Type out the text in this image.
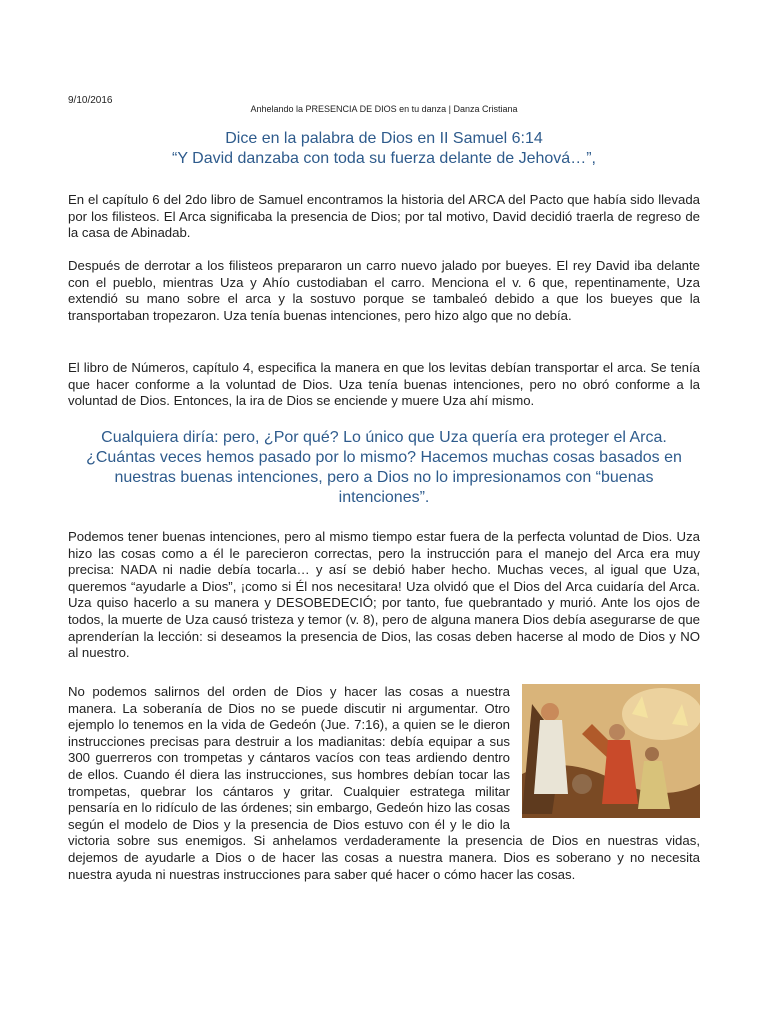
9/10/2016
Anhelando la PRESENCIA DE DIOS en tu danza | Danza Cristiana

Dice en la palabra de Dios en II Samuel 6:14

“Y David danzaba con toda su fuerza delante de Jehová…”,

En el capítulo 6 del 2do libro de Samuel encontramos la historia del ARCA del Pacto que había sido llevada por los filisteos. El Arca significaba la presencia de Dios; por tal motivo, David decidió traerla de regreso de la casa de Abinadab.

Después de derrotar a los filisteos prepararon un carro nuevo jalado por bueyes. El rey David iba delante con el pueblo, mientras Uza y Ahío custodiaban el carro. Menciona el v. 6 que, repentinamente, Uza extendió su mano sobre el arca y la sostuvo porque se tambaleó debido a que los bueyes que la transportaban tropezaron. Uza tenía buenas intenciones, pero hizo algo que no debía.

El libro de Números, capítulo 4, especifica la manera en que los levitas debían transportar el arca. Se tenía que hacer conforme a la voluntad de Dios. Uza tenía buenas intenciones, pero no obró conforme a la voluntad de Dios. Entonces, la ira de Dios se enciende y muere Uza ahí mismo.

Cualquiera diría: pero, ¿Por qué? Lo único que Uza quería era proteger el Arca. ¿Cuántas veces hemos pasado por lo mismo? Hacemos muchas cosas basados en nuestras buenas intenciones, pero a Dios no lo impresionamos con “buenas intenciones”.

Podemos tener buenas intenciones, pero al mismo tiempo estar fuera de la perfecta voluntad de Dios. Uza hizo las cosas como a él le parecieron correctas, pero la instrucción para el manejo del Arca era muy precisa: NADA ni nadie debía tocarla… y así se debió haber hecho. Muchas veces, al igual que Uza, queremos “ayudarle a Dios”, ¡como si Él nos necesitara! Uza olvidó que el Dios del Arca cuidaría del Arca. Uza quiso hacerlo a su manera y DESOBEDECIÓ; por tanto, fue quebrantado y murió. Ante los ojos de todos, la muerte de Uza causó tristeza y temor (v. 8), pero de alguna manera Dios debía asegurarse de que aprenderían la lección: si deseamos la presencia de Dios, las cosas deben hacerse al modo de Dios y NO al nuestro.

No podemos salirnos del orden de Dios y hacer las cosas a nuestra manera. La soberanía de Dios no se puede discutir ni argumentar. Otro ejemplo lo tenemos en la vida de Gedeón (Jue. 7:16), a quien se le dieron instrucciones precisas para destruir a los madianitas: debía equipar a sus 300 guerreros con trompetas y cántaros vacíos con teas ardiendo dentro de ellos. Cuando él diera las instrucciones, sus hombres debían tocar las trompetas, quebrar los cántaros y gritar. Cualquier estratega militar pensaría en lo ridículo de las órdenes; sin embargo, Gedeón hizo las cosas según el modelo de Dios y la presencia de Dios estuvo con él y le dio la victoria sobre sus enemigos. Si anhelamos verdaderamente la presencia de Dios en nuestras vidas, dejemos de ayudarle a Dios o de hacer las cosas a nuestra manera. Dios es soberano y no necesita nuestra ayuda ni nuestras instrucciones para saber qué hacer o cómo hacer las cosas.
